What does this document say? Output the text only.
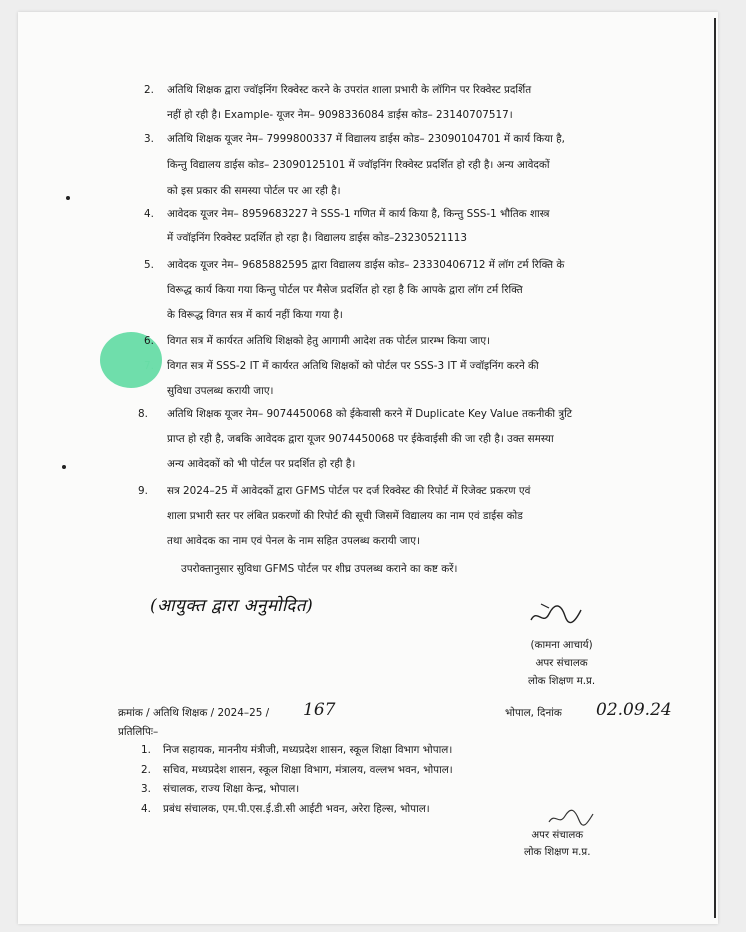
2. अतिथि शिक्षक द्वारा ज्वॉइनिंग रिक्वेस्ट करने के उपरांत शाला प्रभारी के लॉगिन पर रिक्वेस्ट प्रदर्शित
नहीं हो रही है। Example- यूजर नेम– 9098336084 डाईस कोड– 23140707517।
3. अतिथि शिक्षक यूजर नेम– 7999800337 में विद्यालय डाईस कोड– 23090104701 में कार्य किया है,
किन्तु विद्यालय डाईस कोड– 23090125101 में ज्वॉइनिंग रिक्वेस्ट प्रदर्शित हो रही है। अन्य आवेदकों
को इस प्रकार की समस्या पोर्टल पर आ रही है।
4. आवेदक यूजर नेम– 8959683227 ने SSS-1 गणित में कार्य किया है, किन्तु SSS-1 भौतिक शास्त्र
में ज्वॉइनिंग रिक्वेस्ट प्रदर्शित हो रहा है। विद्यालय डाईस कोड–23230521113
5. आवेदक यूजर नेम– 9685882595 द्वारा विद्यालय डाईस कोड– 23330406712 में लॉग टर्म रिक्ति के
विरूद्ध कार्य किया गया किन्तु पोर्टल पर मैसेज प्रदर्शित हो रहा है कि आपके द्वारा लॉग टर्म रिक्ति
के विरूद्ध विगत सत्र में कार्य नहीं किया गया है।
6. विगत सत्र में कार्यरत अतिथि शिक्षको हेतु आगामी आदेश तक पोर्टल प्रारम्भ किया जाए।
7. विगत सत्र में SSS-2 IT में कार्यरत अतिथि शिक्षकों को पोर्टल पर SSS-3 IT में ज्वॉइनिंग करने की
सुविधा उपलब्ध करायी जाए।
8. अतिथि शिक्षक यूजर नेम– 9074450068 को ईकेवासी करने में Duplicate Key Value तकनीकी त्रुटि
प्राप्त हो रही है, जबकि आवेदक द्वारा यूजर 9074450068 पर ईकेवाईसी की जा रही है। उक्त समस्या
अन्य आवेदकों को भी पोर्टल पर प्रदर्शित हो रही है।
9. सत्र 2024–25 में आवेदकों द्वारा GFMS पोर्टल पर दर्ज रिक्वेस्ट की रिपोर्ट में रिजेक्ट प्रकरण एवं
शाला प्रभारी स्तर पर लंबित प्रकरणों की रिपोर्ट की सूची जिसमें विद्यालय का नाम एवं डाईस कोड
तथा आवेदक का नाम एवं पेनल के नाम सहित उपलब्ध करायी जाए।
उपरोक्तानुसार सुविधा GFMS पोर्टल पर शीघ्र उपलब्ध कराने का कष्ट करें।
(आयुक्त द्वारा अनुमोदित)
(कामना आचार्य)
अपर संचालक
लोक शिक्षण म.प्र.
क्रमांक / अतिथि शिक्षक / 2024–25 / 167	भोपाल, दिनांक 02.09.24
प्रतिलिपिः–
1. निज सहायक, माननीय मंत्रीजी, मध्यप्रदेश शासन, स्कूल शिक्षा विभाग भोपाल।
2. सचिव, मध्यप्रदेश शासन, स्कूल शिक्षा विभाग, मंत्रालय, वल्लभ भवन, भोपाल।
3. संचालक, राज्य शिक्षा केन्द्र, भोपाल।
4. प्रबंध संचालक, एम.पी.एस.ई.डी.सी आईटी भवन, अरेरा हिल्स, भोपाल।
अपर संचालक
लोक शिक्षण म.प्र.
